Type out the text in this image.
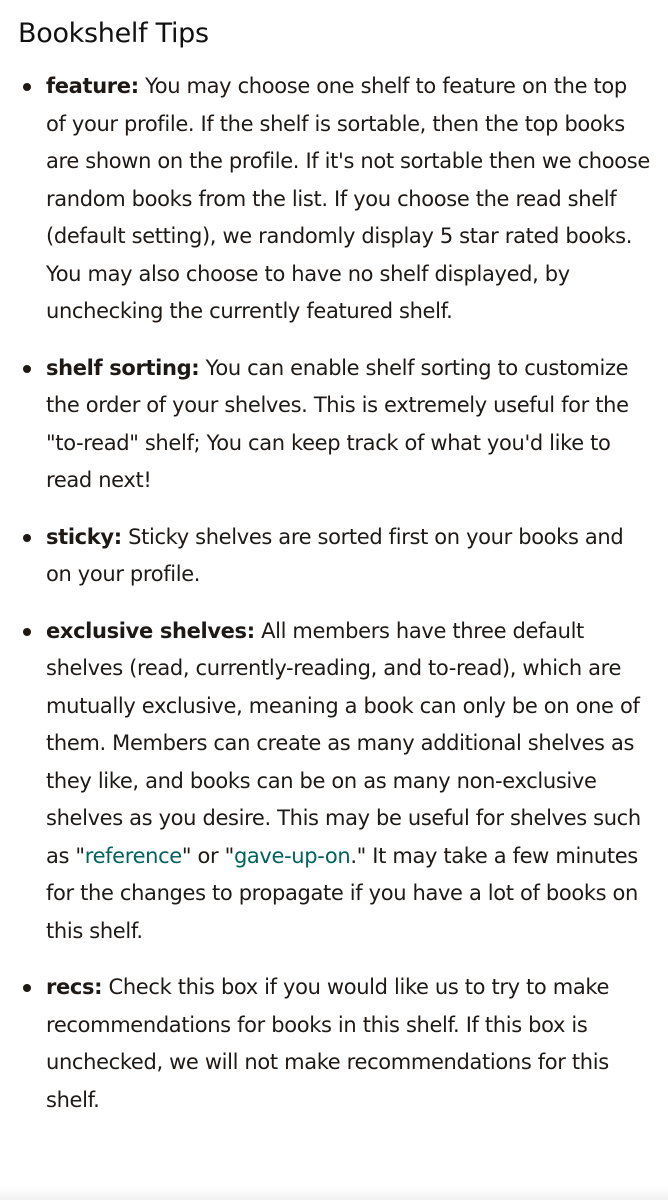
Bookshelf Tips
feature: You may choose one shelf to feature on the top of your profile. If the shelf is sortable, then the top books are shown on the profile. If it's not sortable then we choose random books from the list. If you choose the read shelf (default setting), we randomly display 5 star rated books. You may also choose to have no shelf displayed, by unchecking the currently featured shelf.
shelf sorting: You can enable shelf sorting to customize the order of your shelves. This is extremely useful for the "to-read" shelf; You can keep track of what you'd like to read next!
sticky: Sticky shelves are sorted first on your books and on your profile.
exclusive shelves: All members have three default shelves (read, currently-reading, and to-read), which are mutually exclusive, meaning a book can only be on one of them. Members can create as many additional shelves as they like, and books can be on as many non-exclusive shelves as you desire. This may be useful for shelves such as "reference" or "gave-up-on." It may take a few minutes for the changes to propagate if you have a lot of books on this shelf.
recs: Check this box if you would like us to try to make recommendations for books in this shelf. If this box is unchecked, we will not make recommendations for this shelf.
